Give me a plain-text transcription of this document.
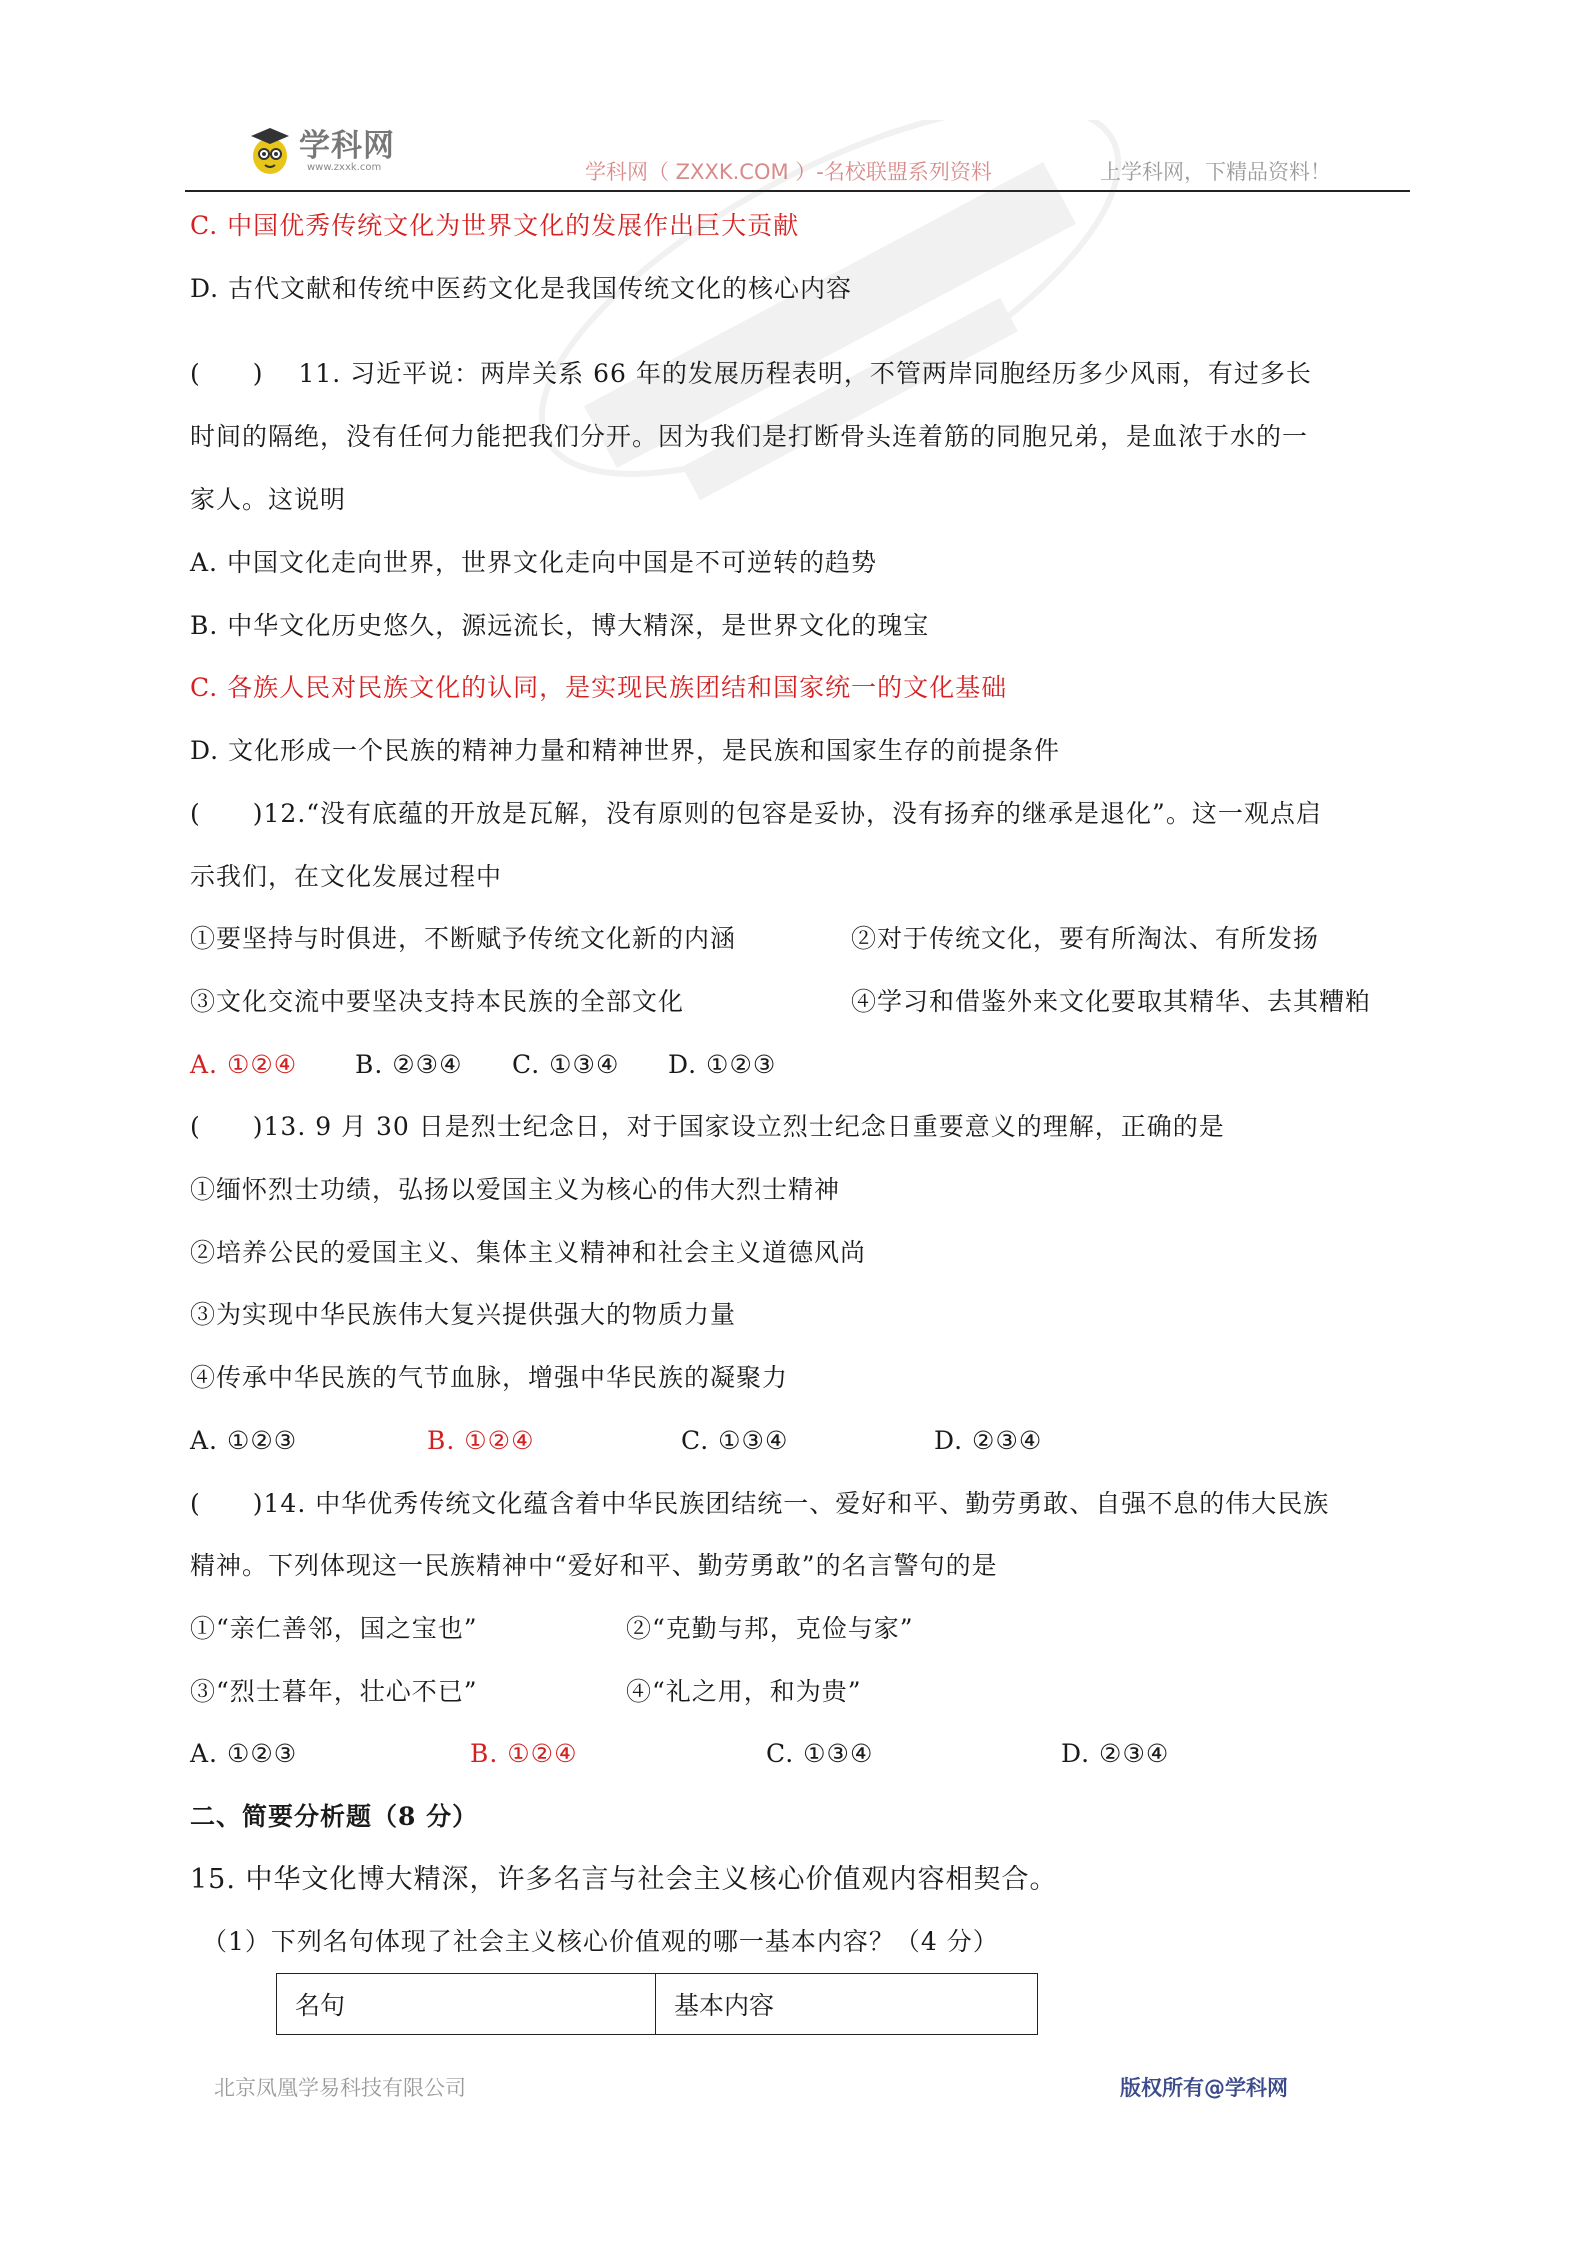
学科网
www.zxxk.com	学科网（ ZXXK.COM ）-名校联盟系列资料	上学科网，下精品资料！
C. 中国优秀传统文化为世界文化的发展作出巨大贡献
D. 古代文献和传统中医药文化是我国传统文化的核心内容
(　　)　 11. 习近平说：两岸关系 66 年的发展历程表明，不管两岸同胞经历多少风雨，有过多长
时间的隔绝，没有任何力能把我们分开。因为我们是打断骨头连着筋的同胞兄弟，是血浓于水的一
家人。这说明
A. 中国文化走向世界，世界文化走向中国是不可逆转的趋势
B. 中华文化历史悠久，源远流长，博大精深，是世界文化的瑰宝
C. 各族人民对民族文化的认同，是实现民族团结和国家统一的文化基础
D. 文化形成一个民族的精神力量和精神世界，是民族和国家生存的前提条件
(　　)12.“没有底蕴的开放是瓦解，没有原则的包容是妥协，没有扬弃的继承是退化”。这一观点启
示我们，在文化发展过程中
①要坚持与时俱进，不断赋予传统文化新的内涵	②对于传统文化，要有所淘汰、有所发扬
③文化交流中要坚决支持本民族的全部文化	④学习和借鉴外来文化要取其精华、去其糟粕
A. ①②④ B. ②③④ C. ①③④ D. ①②③
(　　)13. 9 月 30 日是烈士纪念日，对于国家设立烈士纪念日重要意义的理解，正确的是
①缅怀烈士功绩，弘扬以爱国主义为核心的伟大烈士精神
②培养公民的爱国主义、集体主义精神和社会主义道德风尚
③为实现中华民族伟大复兴提供强大的物质力量
④传承中华民族的气节血脉，增强中华民族的凝聚力
A. ①②③	B. ①②④	C. ①③④	D. ②③④
(　　)14. 中华优秀传统文化蕴含着中华民族团结统一、爱好和平、勤劳勇敢、自强不息的伟大民族
精神。下列体现这一民族精神中“爱好和平、勤劳勇敢”的名言警句的是
①“亲仁善邻，国之宝也”	②“克勤与邦，克俭与家”
③“烈士暮年，壮心不已”	④“礼之用，和为贵”
A. ①②③	B. ①②④	C. ①③④	D. ②③④
二、简要分析题（8 分）
15. 中华文化博大精深，许多名言与社会主义核心价值观内容相契合。
（1）下列名句体现了社会主义核心价值观的哪一基本内容？（4 分）
名句	基本内容
北京凤凰学易科技有限公司	版权所有@学科网
